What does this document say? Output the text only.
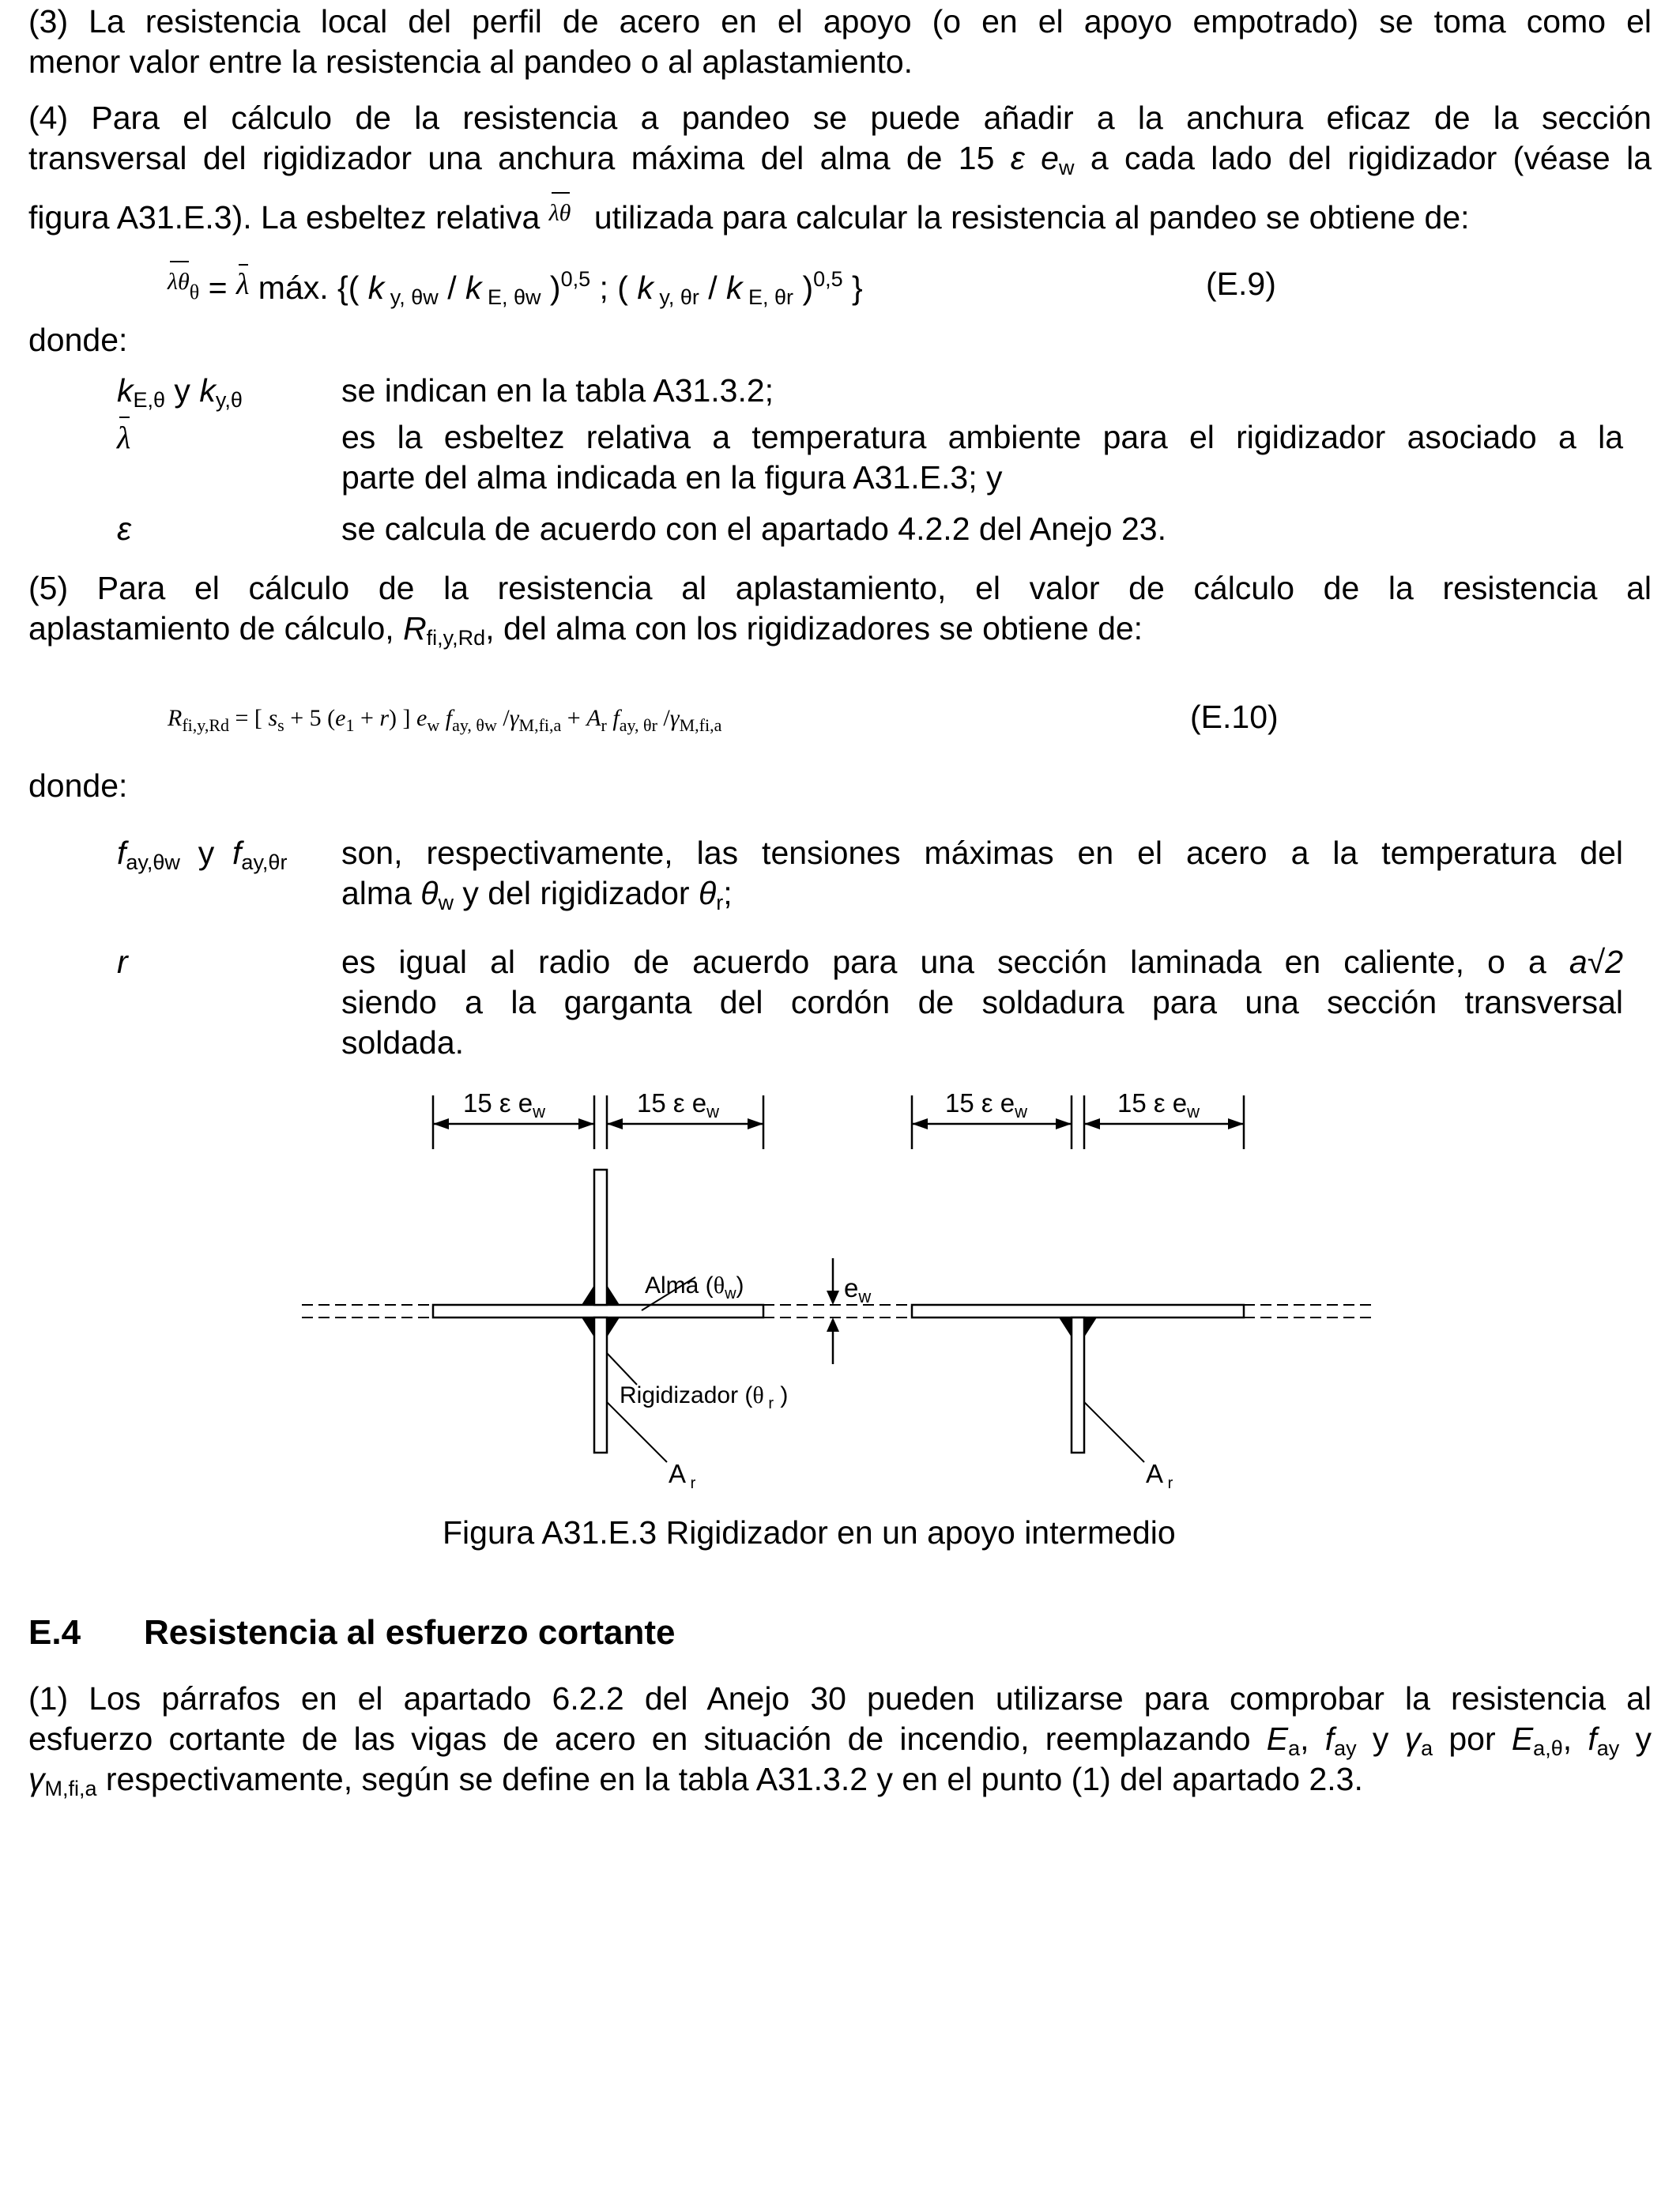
(3) La resistencia local del perfil de acero en el apoyo (o en el apoyo empotrado) se toma como el

menor valor entre la resistencia al pandeo o al aplastamiento.

(4) Para el cálculo de la resistencia a pandeo se puede añadir a la anchura eficaz de la sección

transversal del rigidizador una anchura máxima del alma de 15 ε $e_w$ a cada lado del rigidizador (véase la

figura A31.E.3). La esbeltez relativa λθ utilizada para calcular la resistencia al pandeo se obtiene de:

λθθ = λ máx. {( k $_{y, \theta w}$ / k $_{E, \theta w}$ )$^{0,5}$ ; ( k $_{y, \theta r}$ / k $_{E, \theta r}$ )$^{0,5}$ }	(E.9)

donde:

$k_{E,\theta}$ y $k_{y,\theta}$	se indican en la tabla A31.3.2;
λ	es la esbeltez relativa a temperatura ambiente para el rigidizador asociado a la
parte del alma indicada en la figura A31.E.3; y
ε	se calcula de acuerdo con el apartado 4.2.2 del Anejo 23.

(5) Para el cálculo de la resistencia al aplastamiento, el valor de cálculo de la resistencia al

aplastamiento de cálculo, $R_{fi,y,Rd}$, del alma con los rigidizadores se obtiene de:

$R_{fi,y,Rd}$ = [ $s_s + 5$ $(e_1 + r)$ ] $e_w$ $f_{ay, \theta w}$ $/\gamma_{M,fi,a} + A_r$ $f_{ay, \theta r}$ $/\gamma_{M,fi,a}$	(E.10)

donde:

$f_{ay,\theta w}$  y  $f_{ay,\theta r}$ son, respectivamente, las tensiones máximas en el acero a la temperatura del
alma $\theta_w$ y del rigidizador $\theta_r$;
r	es igual al radio de acuerdo para una sección laminada en caliente, o a a√2
siendo a la garganta del cordón de soldadura para una sección transversal
soldada.
15 ε $e_w$	15 ε $e_w$	15 ε $e_w$	15 ε $e_w$
Alma $(\theta_w)$	$e_w$
Rigidizador (θ $_r$ )
A $_r$	A $_r$

Figura A31.E.3 Rigidizador en un apoyo intermedio

E.4 Resistencia al esfuerzo cortante

(1) Los párrafos en el apartado 6.2.2 del Anejo 30 pueden utilizarse para comprobar la resistencia al

esfuerzo cortante de las vigas de acero en situación de incendio, reemplazando $E_a$, $f_{ay}$ y $\gamma_a$ por $E_{a,\theta}$, $f_{ay}$ y

$\gamma_{M,fi,a}$ respectivamente, según se define en la tabla A31.3.2 y en el punto (1) del apartado 2.3.
